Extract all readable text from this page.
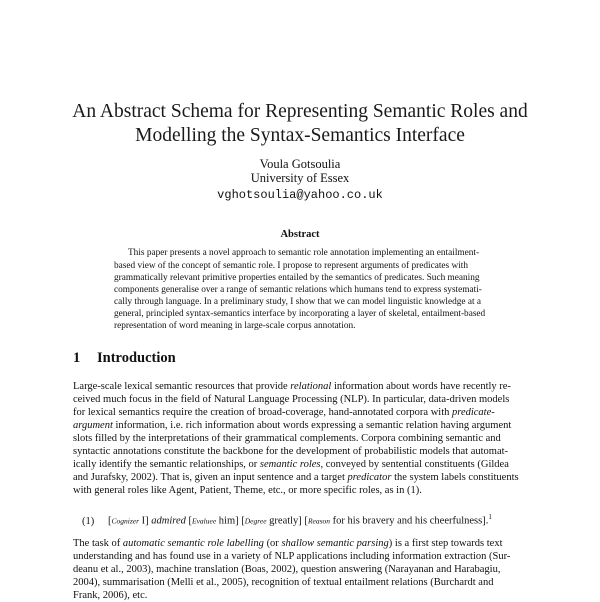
An Abstract Schema for Representing Semantic Roles and
Modelling the Syntax-Semantics Interface
Voula Gotsoulia
University of Essex
vghotsoulia@yahoo.co.uk
Abstract
This paper presents a novel approach to semantic role annotation implementing an entailment-
based view of the concept of semantic role. I propose to represent arguments of predicates with
grammatically relevant primitive properties entailed by the semantics of predicates. Such meaning
components generalise over a range of semantic relations which humans tend to express systemati-
cally through language. In a preliminary study, I show that we can model linguistic knowledge at a
general, principled syntax-semantics interface by incorporating a layer of skeletal, entailment-based
representation of word meaning in large-scale corpus annotation.
1 Introduction
Large-scale lexical semantic resources that provide relational information about words have recently re-
ceived much focus in the field of Natural Language Processing (NLP). In particular, data-driven models
for lexical semantics require the creation of broad-coverage, hand-annotated corpora with predicate-
argument information, i.e. rich information about words expressing a semantic relation having argument
slots filled by the interpretations of their grammatical complements. Corpora combining semantic and
syntactic annotations constitute the backbone for the development of probabilistic models that automat-
ically identify the semantic relationships, or semantic roles, conveyed by sentential constituents (Gildea
and Jurafsky, 2002). That is, given an input sentence and a target predicator the system labels constituents
with general roles like Agent, Patient, Theme, etc., or more specific roles, as in (1).
(1) [Cognizer I] admired [Evaluee him] [Degree greatly] [Reason for his bravery and his cheerfulness].$^1$
The task of automatic semantic role labelling (or shallow semantic parsing) is a first step towards text
understanding and has found use in a variety of NLP applications including information extraction (Sur-
deanu et al., 2003), machine translation (Boas, 2002), question answering (Narayanan and Harabagiu,
2004), summarisation (Melli et al., 2005), recognition of textual entailment relations (Burchardt and
Frank, 2006), etc.
